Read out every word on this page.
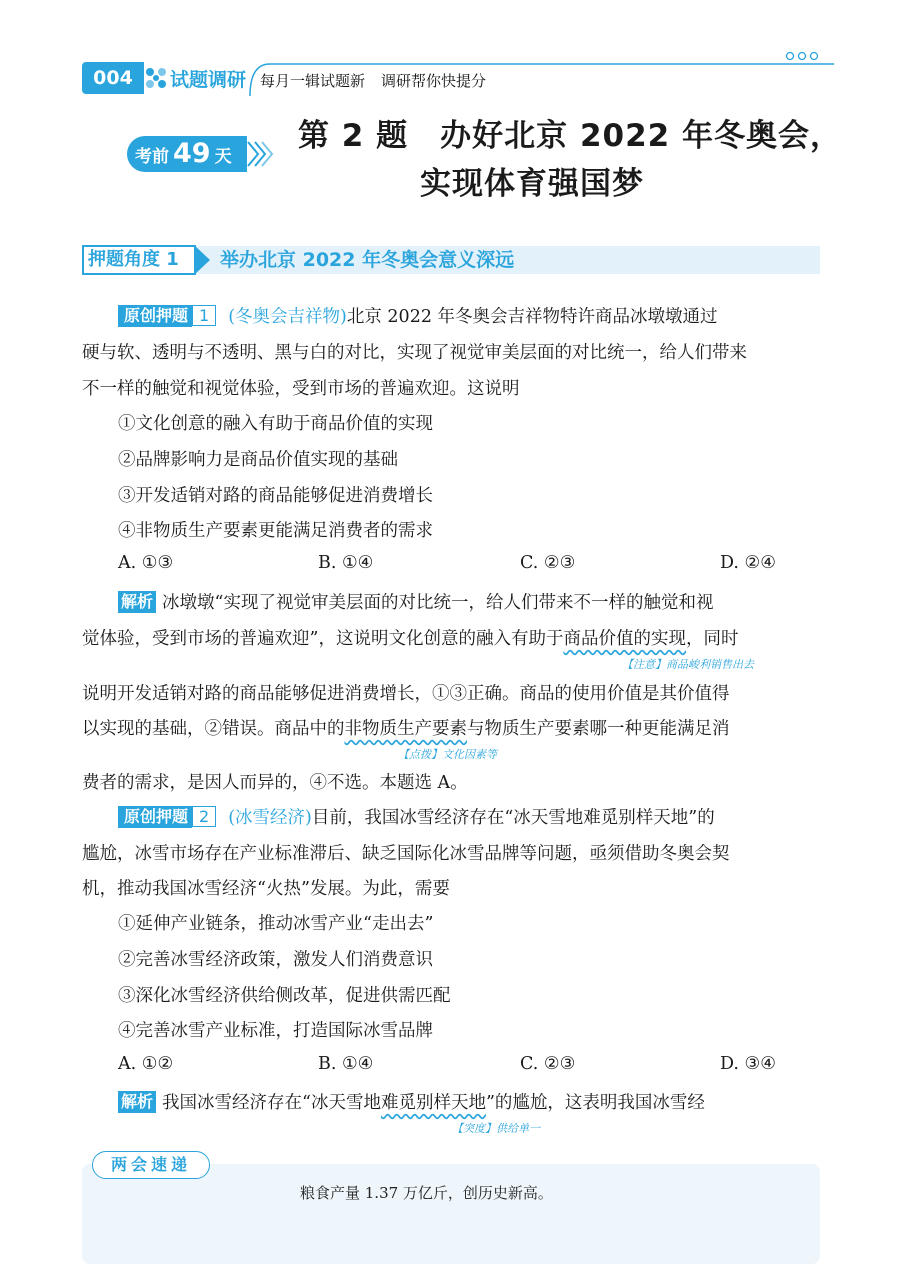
004	试题调研 每月一辑试题新 调研帮你快提分
考前 49 天
第 2 题　办好北京 2022 年冬奥会，
实现体育强国梦
押题角度 1	举办北京 2022 年冬奥会意义深远
原创押题 1 (冬奥会吉祥物)北京 2022 年冬奥会吉祥物特许商品冰墩墩通过
硬与软、透明与不透明、黑与白的对比，实现了视觉审美层面的对比统一，给人们带来
不一样的触觉和视觉体验，受到市场的普遍欢迎。这说明
①文化创意的融入有助于商品价值的实现
②品牌影响力是商品价值实现的基础
③开发适销对路的商品能够促进消费增长
④非物质生产要素更能满足消费者的需求
A. ①③	B. ①④	C. ②③	D. ②④
解析 冰墩墩“实现了视觉审美层面的对比统一，给人们带来不一样的触觉和视
觉体验，受到市场的普遍欢迎”，这说明文化创意的融入有助于商品价值的实现，同时
【注意】商品峻利销售出去
说明开发适销对路的商品能够促进消费增长，①③正确。商品的使用价值是其价值得
以实现的基础，②错误。商品中的非物质生产要素与物质生产要素哪一种更能满足消
【点拨】文化因素等
费者的需求，是因人而异的，④不选。本题选 A。
原创押题 2 (冰雪经济)目前，我国冰雪经济存在“冰天雪地难觅别样天地”的
尴尬，冰雪市场存在产业标准滞后、缺乏国际化冰雪品牌等问题，亟须借助冬奥会契
机，推动我国冰雪经济“火热”发展。为此，需要
①延伸产业链条，推动冰雪产业“走出去”
②完善冰雪经济政策，激发人们消费意识
③深化冰雪经济供给侧改革，促进供需匹配
④完善冰雪产业标准，打造国际冰雪品牌
A. ①②	B. ①④	C. ②③	D. ③④
解析 我国冰雪经济存在“冰天雪地难觅别样天地”的尴尬，这表明我国冰雪经
【突度】供给单一
两会速递
粮食产量 1.37 万亿斤，创历史新高。
